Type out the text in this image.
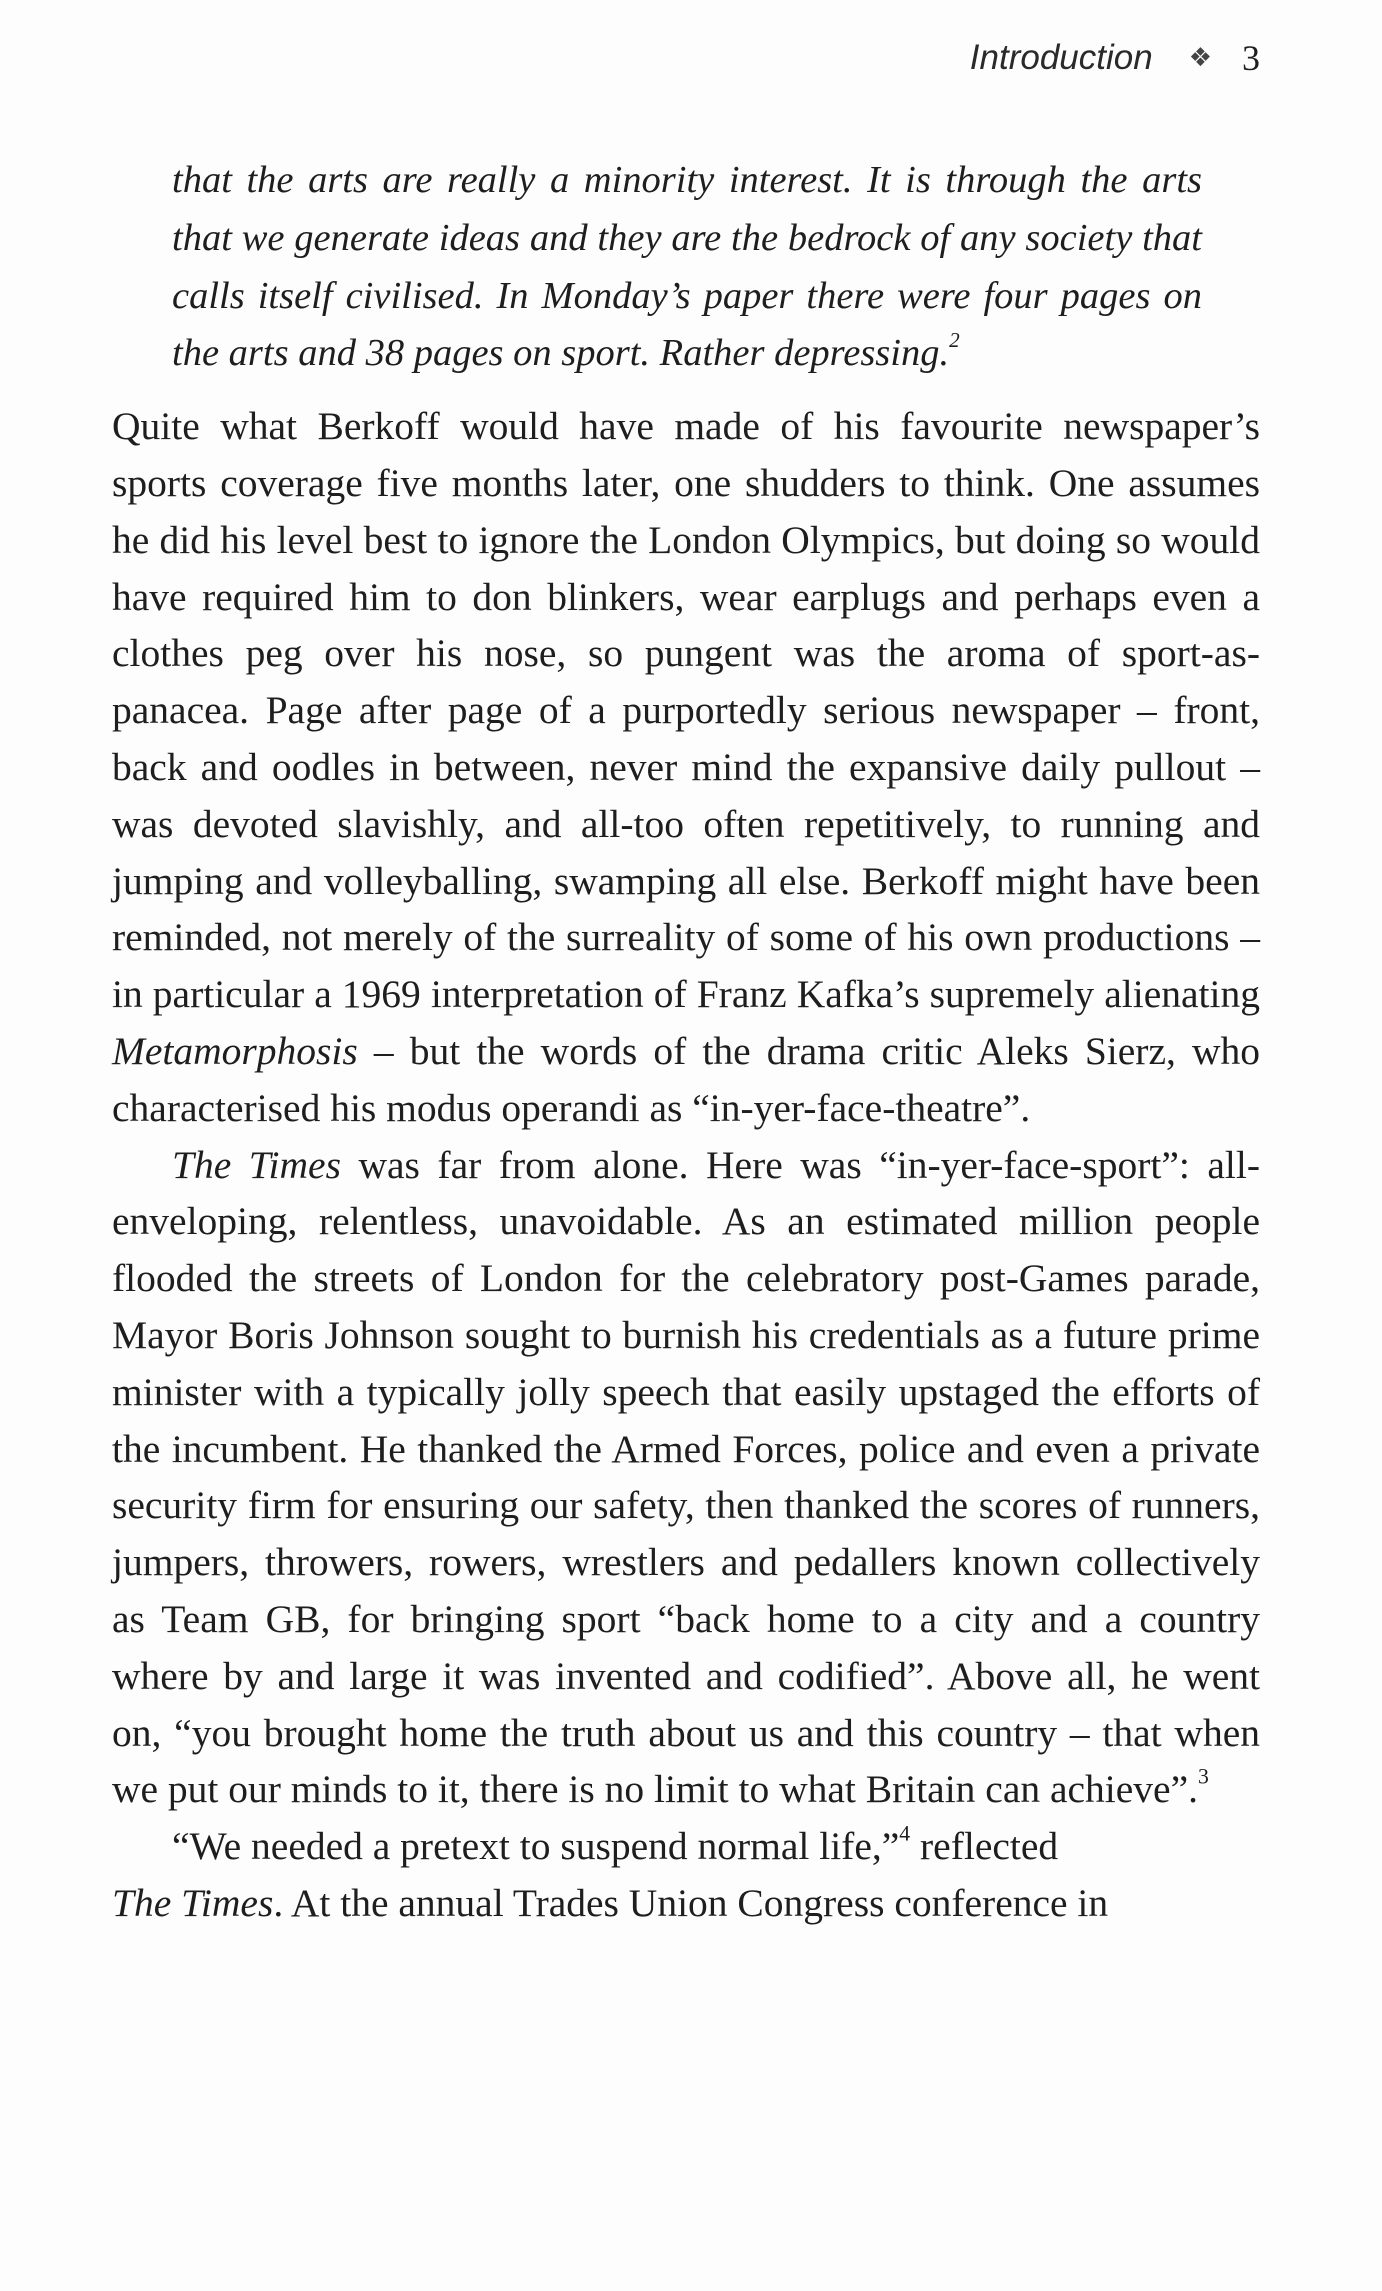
Introduction ❖ 3

that the arts are really a minority interest. It is through the arts that we generate ideas and they are the bedrock of any society that calls itself civilised. In Monday’s paper there were four pages on the arts and 38 pages on sport. Rather depressing.$^2$

Quite what Berkoff would have made of his favourite newspaper’s sports coverage five months later, one shudders to think. One assumes he did his level best to ignore the London Olympics, but doing so would have required him to don blinkers, wear earplugs and perhaps even a clothes peg over his nose, so pungent was the aroma of sport-as-panacea. Page after page of a purportedly serious newspaper – front, back and oodles in between, never mind the expansive daily pullout – was devoted slavishly, and all-too often repetitively, to running and jumping and volleyballing, swamping all else. Berkoff might have been reminded, not merely of the surreality of some of his own productions – in particular a 1969 interpretation of Franz Kafka’s supremely alienating Metamorphosis – but the words of the drama critic Aleks Sierz, who characterised his modus operandi as “in-yer-face-theatre”.

The Times was far from alone. Here was “in-yer-face-sport”: all-enveloping, relentless, unavoidable. As an estimated million people flooded the streets of London for the celebratory post-Games parade, Mayor Boris Johnson sought to burnish his credentials as a future prime minister with a typically jolly speech that easily upstaged the efforts of the incumbent. He thanked the Armed Forces, police and even a private security firm for ensuring our safety, then thanked the scores of runners, jumpers, throwers, rowers, wrestlers and pedallers known collectively as Team GB, for bringing sport “back home to a city and a country where by and large it was invented and codified”. Above all, he went on, “you brought home the truth about us and this country – that when we put our minds to it, there is no limit to what Britain can achieve”.$^3$

“We needed a pretext to suspend normal life,”$^4$ reflected
The Times. At the annual Trades Union Congress conference in
